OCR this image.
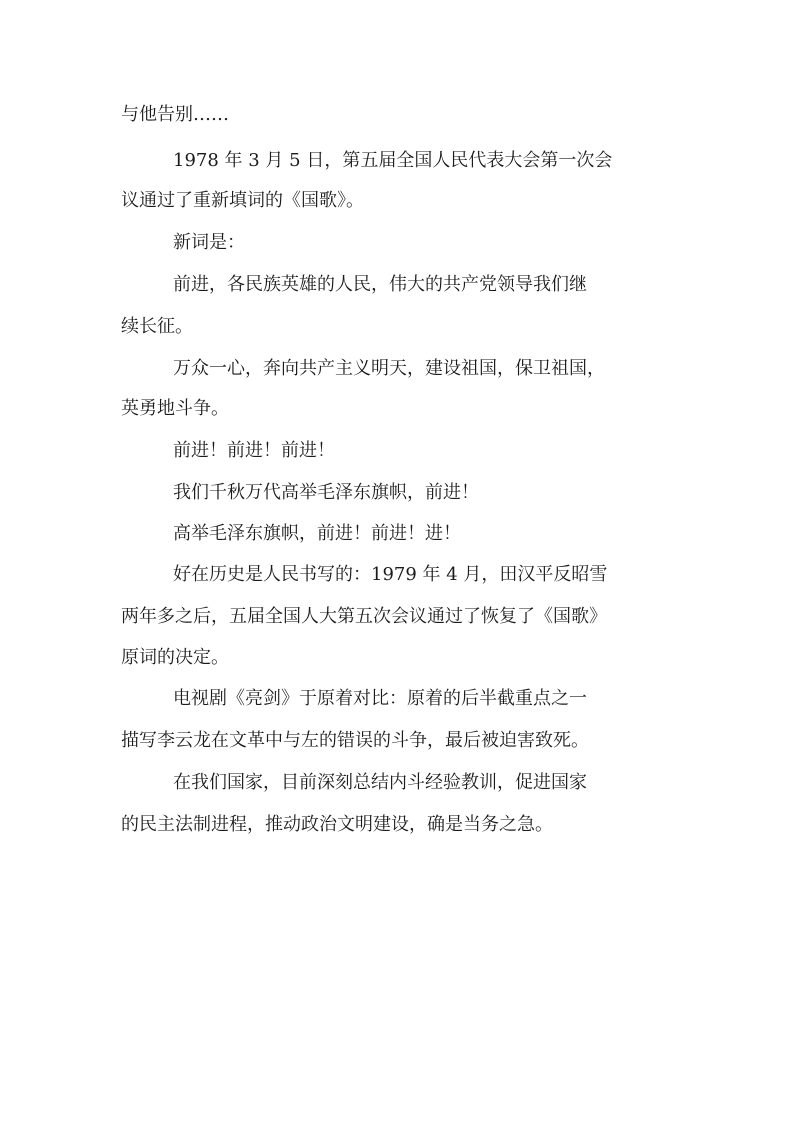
与他告别……
1978 年 3 月 5 日，第五届全国人民代表大会第一次会
议通过了重新填词的《国歌》。
新词是：
前进，各民族英雄的人民，伟大的共产党领导我们继
续长征。
万众一心，奔向共产主义明天，建设祖国，保卫祖国，
英勇地斗争。
前进！前进！前进！
我们千秋万代高举毛泽东旗帜，前进！
高举毛泽东旗帜，前进！前进！进！
好在历史是人民书写的：1979 年 4 月，田汉平反昭雪
两年多之后，五届全国人大第五次会议通过了恢复了《国歌》
原词的决定。
电视剧《亮剑》于原着对比：原着的后半截重点之一
描写李云龙在文革中与左的错误的斗争，最后被迫害致死。
在我们国家，目前深刻总结内斗经验教训，促进国家
的民主法制进程，推动政治文明建设，确是当务之急。
